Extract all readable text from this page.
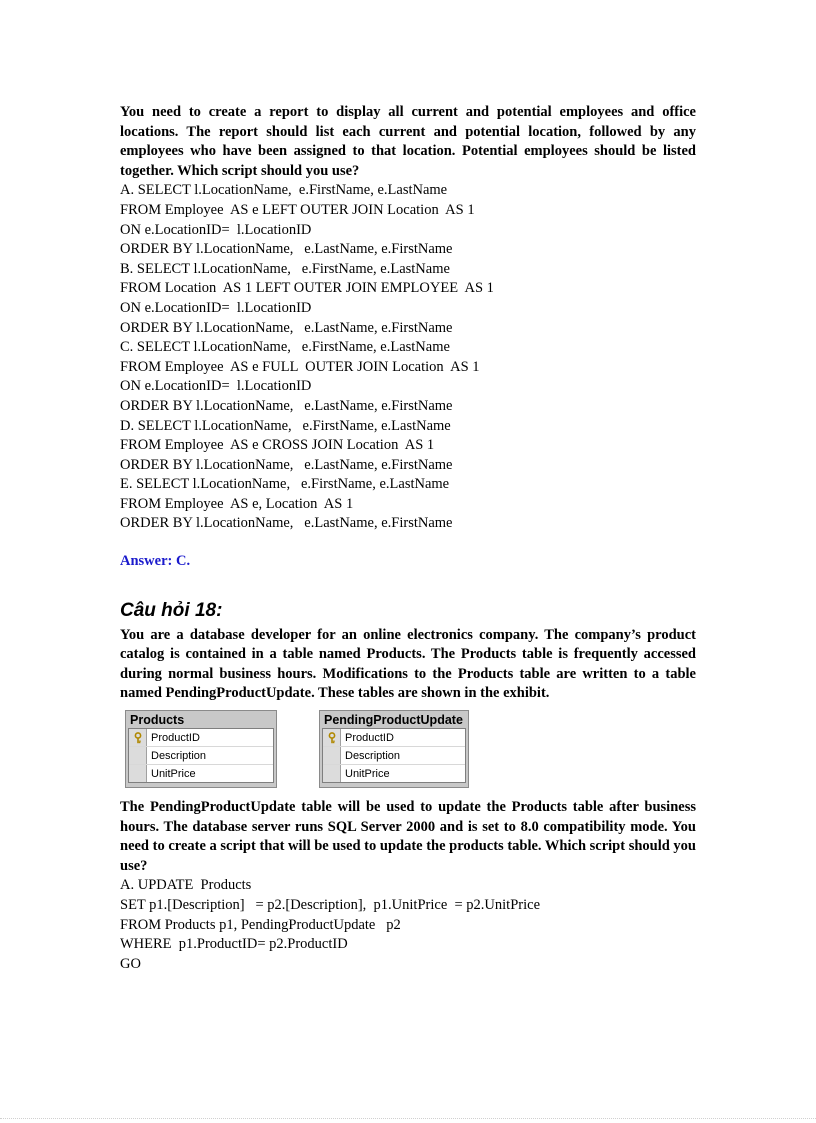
You need to create a report to display all current and potential employees and office locations. The report should list each current and potential location, followed by any employees who have been assigned to that location. Potential employees should be listed together. Which script should you use?

A. SELECT l.LocationName,  e.FirstName, e.LastName

FROM Employee  AS e LEFT OUTER JOIN Location  AS 1

ON e.LocationID=  l.LocationID

ORDER BY l.LocationName,   e.LastName, e.FirstName

B. SELECT l.LocationName,   e.FirstName, e.LastName

FROM Location  AS 1 LEFT OUTER JOIN EMPLOYEE  AS 1

ON e.LocationID=  l.LocationID

ORDER BY l.LocationName,   e.LastName, e.FirstName

C. SELECT l.LocationName,   e.FirstName, e.LastName

FROM Employee  AS e FULL  OUTER JOIN Location  AS 1

ON e.LocationID=  l.LocationID

ORDER BY l.LocationName,   e.LastName, e.FirstName

D. SELECT l.LocationName,   e.FirstName, e.LastName

FROM Employee  AS e CROSS JOIN Location  AS 1

ORDER BY l.LocationName,   e.LastName, e.FirstName

E. SELECT l.LocationName,   e.FirstName, e.LastName

FROM Employee  AS e, Location  AS 1

ORDER BY l.LocationName,   e.LastName, e.FirstName

Answer: C.

Câu hỏi 18:

You are a database developer for an online electronics company. The company’s product catalog is contained in a table named Products. The Products table is frequently accessed during normal business hours. Modifications to the Products table are written to a table named PendingProductUpdate. These tables are shown in the exhibit.

Products
ProductID
Description
UnitPrice
PendingProductUpdate
ProductID
Description
UnitPrice

The PendingProductUpdate table will be used to update the Products table after business hours. The database server runs SQL Server 2000 and is set to 8.0 compatibility mode. You need to create a script that will be used to update the products table. Which script should you use?

A. UPDATE  Products

SET p1.[Description]   = p2.[Description],  p1.UnitPrice  = p2.UnitPrice

FROM Products p1, PendingProductUpdate   p2

WHERE  p1.ProductID= p2.ProductID

GO
